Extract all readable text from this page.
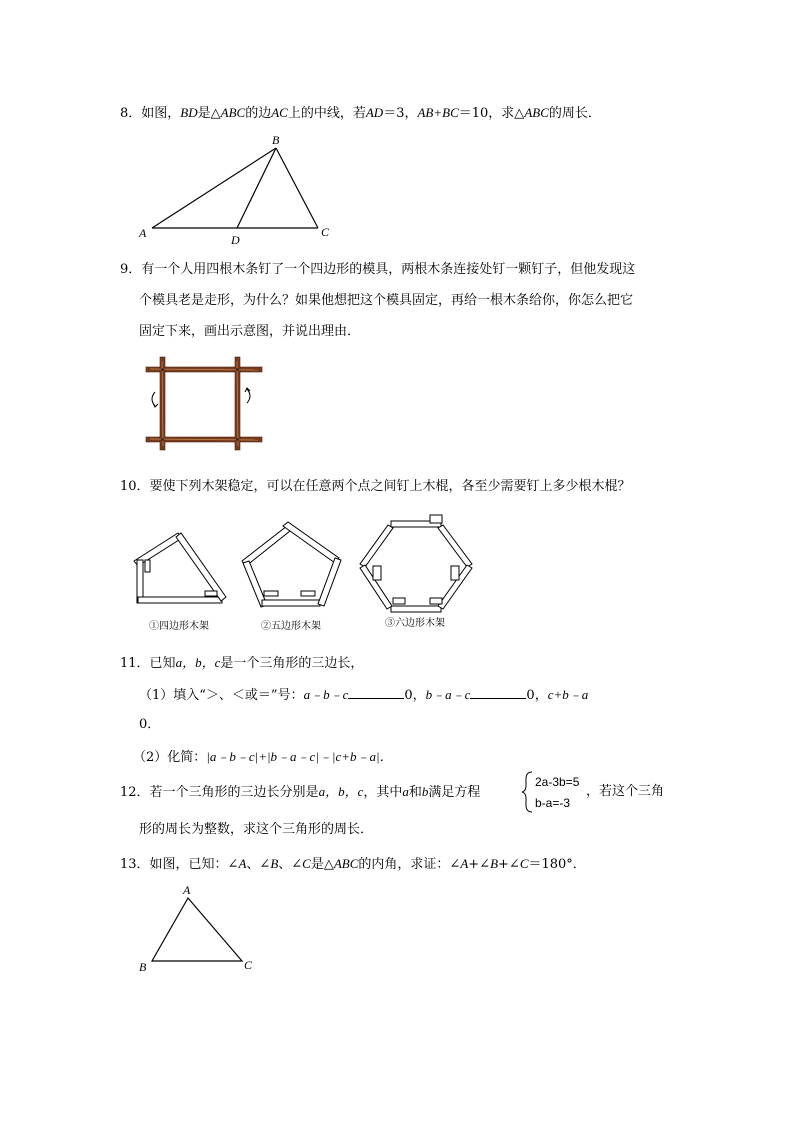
8．如图，BD是△ABC的边AC上的中线，若AD＝3，AB+BC＝10，求△ABC的周长．
B
A	D
C
9．有一个人用四根木条钉了一个四边形的模具，两根木条连接处钉一颗钉子，但他发现这
个模具老是走形，为什么？如果他想把这个模具固定，再给一根木条给你，你怎么把它
固定下来，画出示意图，并说出理由．
10．要使下列木架稳定，可以在任意两个点之间钉上木棍，各至少需要钉上多少根木棍？
①四边形木架	②五边形木架	③六边形木架
11．已知a，b，c是一个三角形的三边长，
（1）填入“＞、＜或＝”号：a﹣b﹣c	0，b﹣a﹣c	0，c+b﹣a
0．
（2）化简：|a﹣b﹣c|+|b﹣a﹣c|﹣|c+b﹣a|．
12．若一个三角形的三边长分别是a，b，c，其中a和b满足方程
2a-3b=5
b-a=-3
，若这个三角
形的周长为整数，求这个三角形的周长．
13．如图，已知：∠A、∠B、∠C是△ABC的内角，求证：∠A+∠B+∠C＝180°．
A
B	C
